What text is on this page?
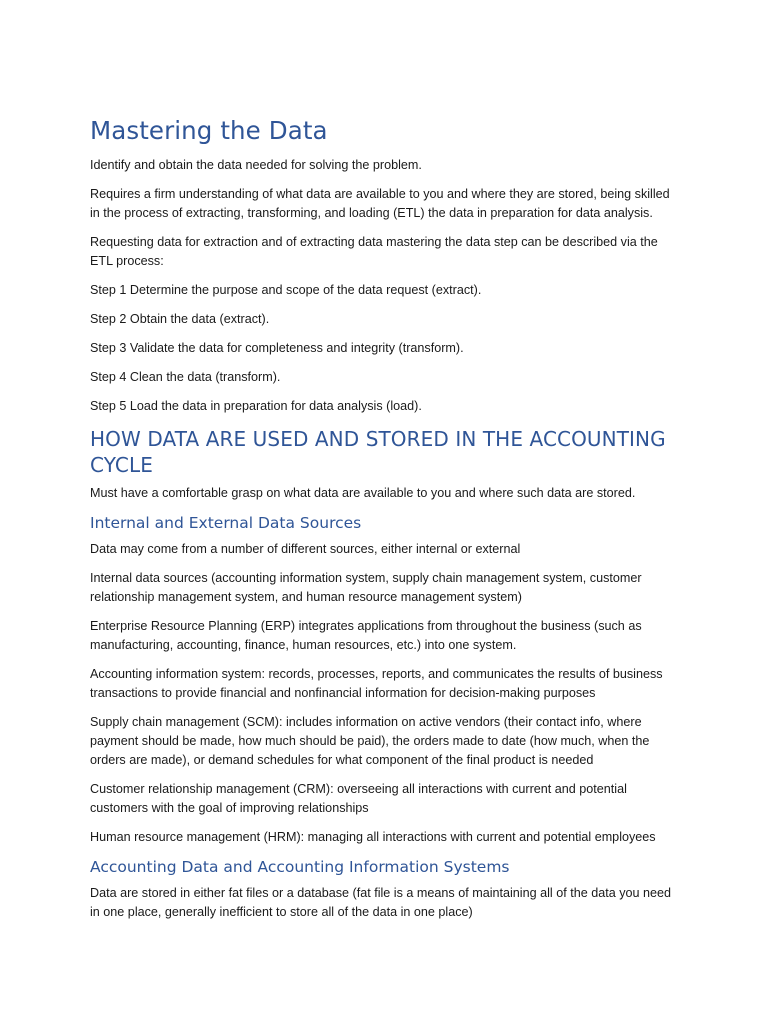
Mastering the Data
Identify and obtain the data needed for solving the problem.
Requires a firm understanding of what data are available to you and where they are stored, being skilled in the process of extracting, transforming, and loading (ETL) the data in preparation for data analysis.
Requesting data for extraction and of extracting data mastering the data step can be described via the ETL process:
Step 1 Determine the purpose and scope of the data request (extract).
Step 2 Obtain the data (extract).
Step 3 Validate the data for completeness and integrity (transform).
Step 4 Clean the data (transform).
Step 5 Load the data in preparation for data analysis (load).
HOW DATA ARE USED AND STORED IN THE ACCOUNTING CYCLE
Must have a comfortable grasp on what data are available to you and where such data are stored.
Internal and External Data Sources
Data may come from a number of different sources, either internal or external
Internal data sources (accounting information system, supply chain management system, customer relationship management system, and human resource management system)
Enterprise Resource Planning (ERP) integrates applications from throughout the business (such as manufacturing, accounting, finance, human resources, etc.) into one system.
Accounting information system: records, processes, reports, and communicates the results of business transactions to provide financial and nonfinancial information for decision-making purposes
Supply chain management (SCM): includes information on active vendors (their contact info, where payment should be made, how much should be paid), the orders made to date (how much, when the orders are made), or demand schedules for what component of the final product is needed
Customer relationship management (CRM): overseeing all interactions with current and potential customers with the goal of improving relationships
Human resource management (HRM): managing all interactions with current and potential employees
Accounting Data and Accounting Information Systems
Data are stored in either fat files or a database (fat file is a means of maintaining all of the data you need in one place, generally inefficient to store all of the data in one place)
